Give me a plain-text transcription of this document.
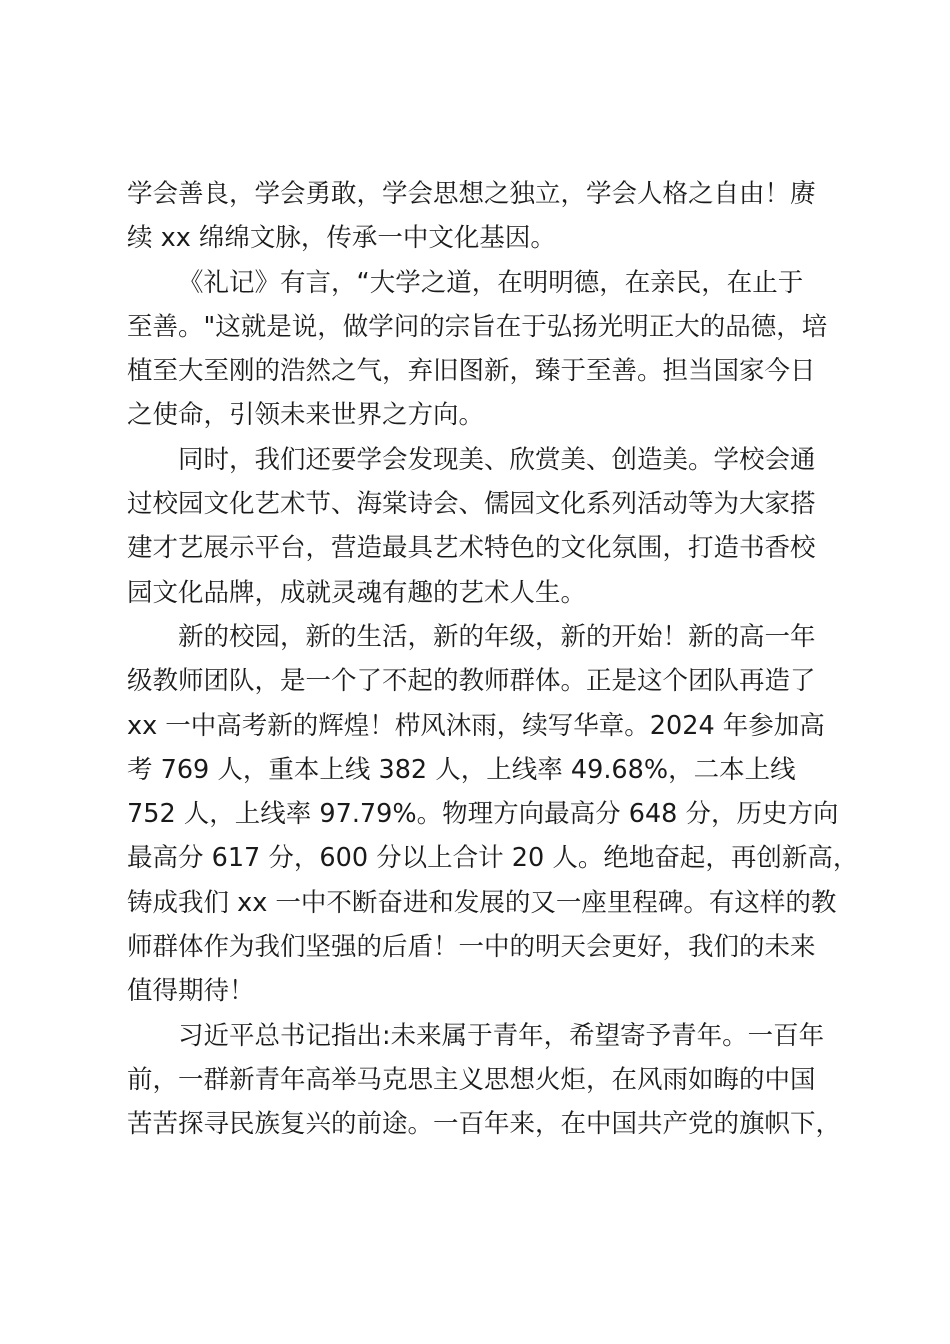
学会善良，学会勇敢，学会思想之独立，学会人格之自由！赓
续 xx 绵绵文脉，传承一中文化基因。
《礼记》有言，“大学之道，在明明德，在亲民，在止于
至善。"这就是说，做学问的宗旨在于弘扬光明正大的品德，培
植至大至刚的浩然之气，弃旧图新，臻于至善。担当国家今日
之使命，引领未来世界之方向。
同时，我们还要学会发现美、欣赏美、创造美。学校会通
过校园文化艺术节、海棠诗会、儒园文化系列活动等为大家搭
建才艺展示平台，营造最具艺术特色的文化氛围，打造书香校
园文化品牌，成就灵魂有趣的艺术人生。
新的校园，新的生活，新的年级，新的开始！新的高一年
级教师团队，是一个了不起的教师群体。正是这个团队再造了
xx 一中高考新的辉煌！栉风沐雨，续写华章。2024 年参加高
考 769 人，重本上线 382 人，上线率 49.68%，二本上线
752 人，上线率 97.79%。物理方向最高分 648 分，历史方向
最高分 617 分，600 分以上合计 20 人。绝地奋起，再创新高，
铸成我们 xx 一中不断奋进和发展的又一座里程碑。有这样的教
师群体作为我们坚强的后盾！一中的明天会更好，我们的未来
值得期待！
习近平总书记指出:未来属于青年，希望寄予青年。一百年
前，一群新青年高举马克思主义思想火炬，在风雨如晦的中国
苦苦探寻民族复兴的前途。一百年来，在中国共产党的旗帜下，
